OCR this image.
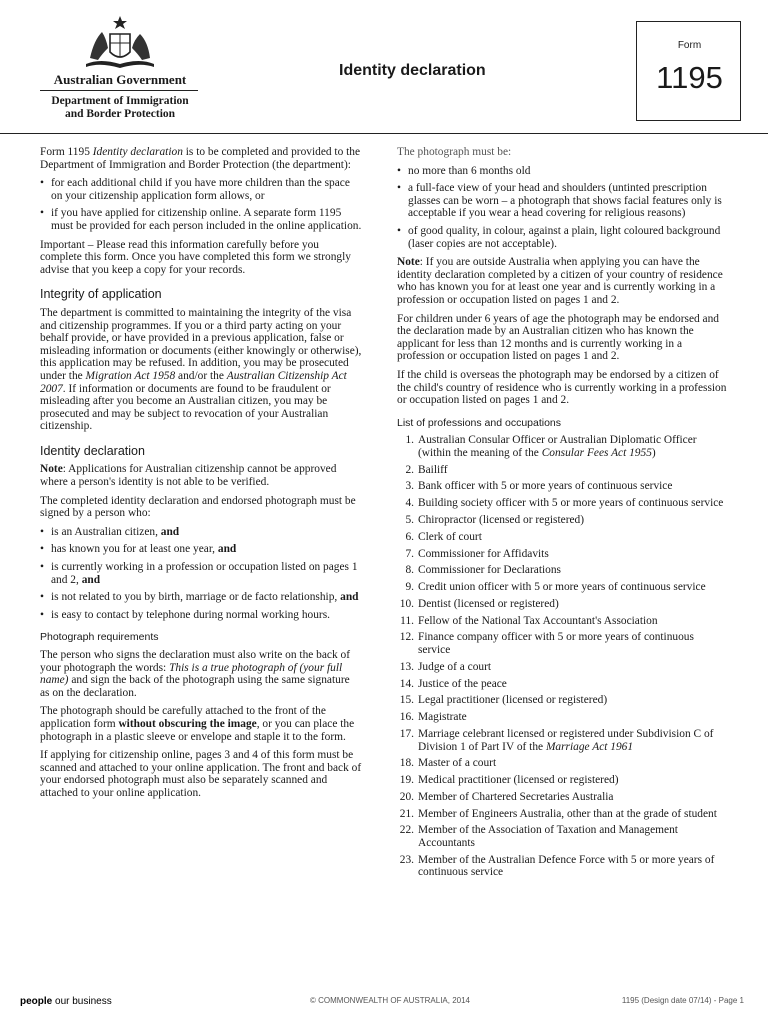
Australian Government
Department of Immigration
and Border Protection
Identity declaration
Form
1195

Form 1195 Identity declaration is to be completed and provided to the Department of Immigration and Border Protection (the department):

• for each additional child if you have more children than the space on your citizenship application form allows, or
• if you have applied for citizenship online. A separate form 1195 must be provided for each person included in the online application.

Important – Please read this information carefully before you complete this form. Once you have completed this form we strongly advise that you keep a copy for your records.

Integrity of application

The department is committed to maintaining the integrity of the visa and citizenship programmes. If you or a third party acting on your behalf provide, or have provided in a previous application, false or misleading information or documents (either knowingly or otherwise), this application may be refused. In addition, you may be prosecuted under the Migration Act 1958 and/or the Australian Citizenship Act 2007. If information or documents are found to be fraudulent or misleading after you become an Australian citizen, you may be prosecuted and may be subject to revocation of your Australian citizenship.

Identity declaration

Note: Applications for Australian citizenship cannot be approved where a person's identity is not able to be verified.

The completed identity declaration and endorsed photograph must be signed by a person who:

• is an Australian citizen, and
• has known you for at least one year, and
• is currently working in a profession or occupation listed on pages 1 and 2, and
• is not related to you by birth, marriage or de facto relationship, and
• is easy to contact by telephone during normal working hours.
Photograph requirements

The person who signs the declaration must also write on the back of your photograph the words: This is a true photograph of (your full name) and sign the back of the photograph using the same signature as on the declaration.

The photograph should be carefully attached to the front of the application form without obscuring the image, or you can place the photograph in a plastic sleeve or envelope and staple it to the form.

If applying for citizenship online, pages 3 and 4 of this form must be scanned and attached to your online application. The front and back of your endorsed photograph must also be separately scanned and attached to your online application.

The photograph must be:

• no more than 6 months old
• a full-face view of your head and shoulders (untinted prescription glasses can be worn – a photograph that shows facial features only is acceptable if you wear a head covering for religious reasons)
• of good quality, in colour, against a plain, light coloured background (laser copies are not acceptable).

Note: If you are outside Australia when applying you can have the identity declaration completed by a citizen of your country of residence who has known you for at least one year and is currently working in a profession or occupation listed on pages 1 and 2.

For children under 6 years of age the photograph may be endorsed and the declaration made by an Australian citizen who has known the applicant for less than 12 months and is currently working in a profession or occupation listed on pages 1 and 2.

If the child is overseas the photograph may be endorsed by a citizen of the child's country of residence who is currently working in a profession or occupation listed on pages 1 and 2.

List of professions and occupations
1. Australian Consular Officer or Australian Diplomatic Officer (within the meaning of the Consular Fees Act 1955)
2. Bailiff
3. Bank officer with 5 or more years of continuous service
4. Building society officer with 5 or more years of continuous service
5. Chiropractor (licensed or registered)
6. Clerk of court
7. Commissioner for Affidavits
8. Commissioner for Declarations
9. Credit union officer with 5 or more years of continuous service
10. Dentist (licensed or registered)
11. Fellow of the National Tax Accountant's Association
12. Finance company officer with 5 or more years of continuous service
13. Judge of a court
14. Justice of the peace
15. Legal practitioner (licensed or registered)
16. Magistrate
17. Marriage celebrant licensed or registered under Subdivision C of Division 1 of Part IV of the Marriage Act 1961
18. Master of a court
19. Medical practitioner (licensed or registered)
20. Member of Chartered Secretaries Australia
21. Member of Engineers Australia, other than at the grade of student
22. Member of the Association of Taxation and Management Accountants
23. Member of the Australian Defence Force with 5 or more years of continuous service
people our business	© COMMONWEALTH OF AUSTRALIA, 2014	1195 (Design date 07/14) - Page 1
